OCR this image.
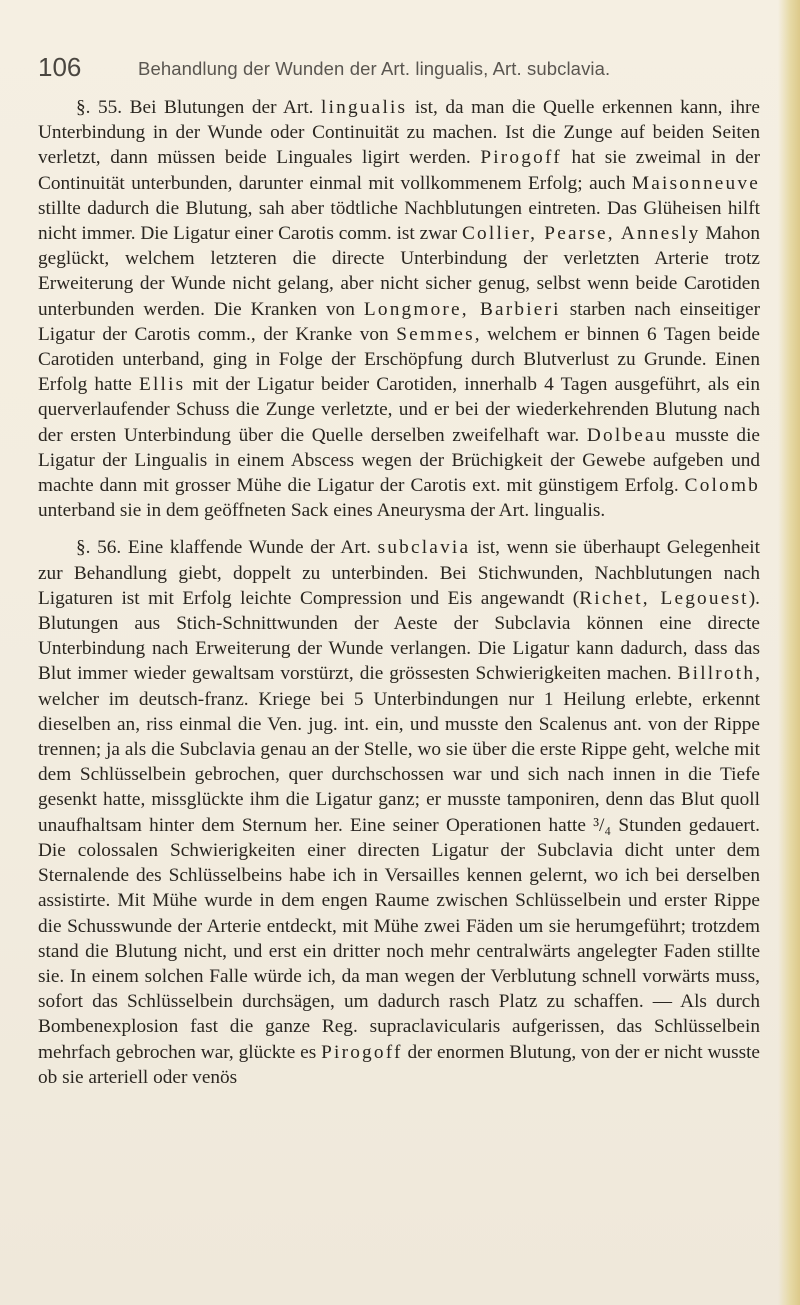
106	Behandlung der Wunden der Art. lingualis, Art. subclavia.

§. 55. Bei Blutungen der Art. lingualis ist, da man die Quelle erkennen kann, ihre Unterbindung in der Wunde oder Continuität zu machen. Ist die Zunge auf beiden Seiten verletzt, dann müssen beide Linguales ligirt werden. Pirogoff hat sie zweimal in der Continuität unterbunden, darunter einmal mit vollkommenem Erfolg; auch Maisonneuve stillte dadurch die Blutung, sah aber tödtliche Nachblutungen eintreten. Das Glüheisen hilft nicht immer. Die Ligatur einer Carotis comm. ist zwar Collier, Pearse, Annesly Mahon geglückt, welchem letzteren die directe Unterbindung der verletzten Arterie trotz Erweiterung der Wunde nicht gelang, aber nicht sicher genug, selbst wenn beide Carotiden unterbunden werden. Die Kranken von Longmore, Barbieri starben nach einseitiger Ligatur der Carotis comm., der Kranke von Semmes, welchem er binnen 6 Tagen beide Carotiden unterband, ging in Folge der Erschöpfung durch Blutverlust zu Grunde. Einen Erfolg hatte Ellis mit der Ligatur beider Carotiden, innerhalb 4 Tagen ausgeführt, als ein querverlaufender Schuss die Zunge verletzte, und er bei der wiederkehrenden Blutung nach der ersten Unterbindung über die Quelle derselben zweifelhaft war. Dolbeau musste die Ligatur der Lingualis in einem Abscess wegen der Brüchigkeit der Gewebe aufgeben und machte dann mit grosser Mühe die Ligatur der Carotis ext. mit günstigem Erfolg. Colomb unterband sie in dem geöffneten Sack eines Aneurysma der Art. lingualis.

§. 56. Eine klaffende Wunde der Art. subclavia ist, wenn sie überhaupt Gelegenheit zur Behandlung giebt, doppelt zu unterbinden. Bei Stichwunden, Nachblutungen nach Ligaturen ist mit Erfolg leichte Compression und Eis angewandt (Richet, Legouest). Blutungen aus Stich-Schnittwunden der Aeste der Subclavia können eine directe Unterbindung nach Erweiterung der Wunde verlangen. Die Ligatur kann dadurch, dass das Blut immer wieder gewaltsam vorstürzt, die grössesten Schwierigkeiten machen. Billroth, welcher im deutsch-franz. Kriege bei 5 Unterbindungen nur 1 Heilung erlebte, erkennt dieselben an, riss einmal die Ven. jug. int. ein, und musste den Scalenus ant. von der Rippe trennen; ja als die Subclavia genau an der Stelle, wo sie über die erste Rippe geht, welche mit dem Schlüsselbein gebrochen, quer durchschossen war und sich nach innen in die Tiefe gesenkt hatte, missglückte ihm die Ligatur ganz; er musste tamponiren, denn das Blut quoll unaufhaltsam hinter dem Sternum her. Eine seiner Operationen hatte ³/₄ Stunden gedauert. Die colossalen Schwierigkeiten einer directen Ligatur der Subclavia dicht unter dem Sternalende des Schlüsselbeins habe ich in Versailles kennen gelernt, wo ich bei derselben assistirte. Mit Mühe wurde in dem engen Raume zwischen Schlüsselbein und erster Rippe die Schusswunde der Arterie entdeckt, mit Mühe zwei Fäden um sie herumgeführt; trotzdem stand die Blutung nicht, und erst ein dritter noch mehr centralwärts angelegter Faden stillte sie. In einem solchen Falle würde ich, da man wegen der Verblutung schnell vorwärts muss, sofort das Schlüsselbein durchsägen, um dadurch rasch Platz zu schaffen. — Als durch Bombenexplosion fast die ganze Reg. supraclavicularis aufgerissen, das Schlüsselbein mehrfach gebrochen war, glückte es Pirogoff der enormen Blutung, von der er nicht wusste ob sie arteriell oder venös
